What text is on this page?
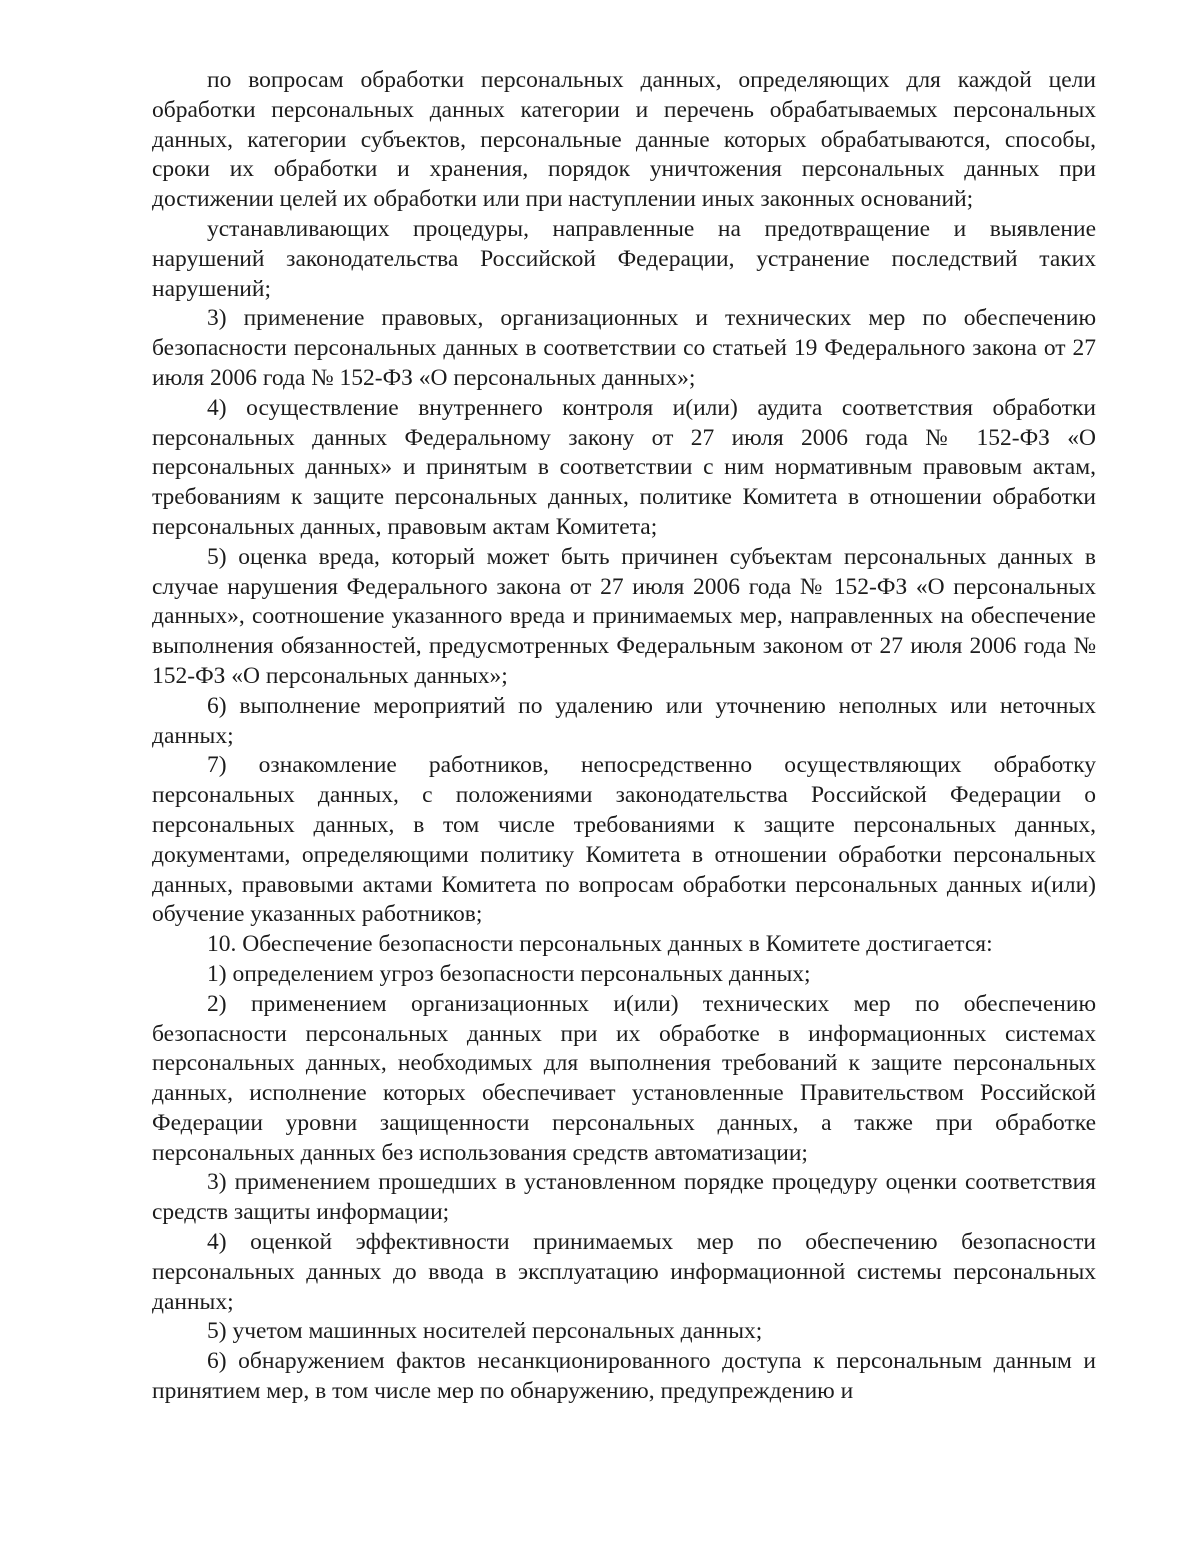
по вопросам обработки персональных данных, определяющих для каждой цели обработки персональных данных категории и перечень обрабатываемых персональных данных, категории субъектов, персональные данные которых обрабатываются, способы, сроки их обработки и хранения, порядок уничтожения персональных данных при достижении целей их обработки или при наступлении иных законных оснований;

устанавливающих процедуры, направленные на предотвращение и выявление нарушений законодательства Российской Федерации, устранение последствий таких нарушений;

3) применение правовых, организационных и технических мер по обеспечению безопасности персональных данных в соответствии со статьей 19 Федерального закона от 27 июля 2006 года № 152-ФЗ «О персональных данных»;

4) осуществление внутреннего контроля и(или) аудита соответствия обработки персональных данных Федеральному закону от 27 июля 2006 года № 152-ФЗ «О персональных данных» и принятым в соответствии с ним нормативным правовым актам, требованиям к защите персональных данных, политике Комитета в отношении обработки персональных данных, правовым актам Комитета;

5) оценка вреда, который может быть причинен субъектам персональных данных в случае нарушения Федерального закона от 27 июля 2006 года № 152-ФЗ «О персональных данных», соотношение указанного вреда и принимаемых мер, направленных на обеспечение выполнения обязанностей, предусмотренных Федеральным законом от 27 июля 2006 года № 152-ФЗ «О персональных данных»;

6) выполнение мероприятий по удалению или уточнению неполных или неточных данных;

7) ознакомление работников, непосредственно осуществляющих обработку персональных данных, с положениями законодательства Российской Федерации о персональных данных, в том числе требованиями к защите персональных данных, документами, определяющими политику Комитета в отношении обработки персональных данных, правовыми актами Комитета по вопросам обработки персональных данных и(или) обучение указанных работников;

10. Обеспечение безопасности персональных данных в Комитете достигается:

1) определением угроз безопасности персональных данных;

2) применением организационных и(или) технических мер по обеспечению безопасности персональных данных при их обработке в информационных системах персональных данных, необходимых для выполнения требований к защите персональных данных, исполнение которых обеспечивает установленные Правительством Российской Федерации уровни защищенности персональных данных, а также при обработке персональных данных без использования средств автоматизации;

3) применением прошедших в установленном порядке процедуру оценки соответствия средств защиты информации;

4) оценкой эффективности принимаемых мер по обеспечению безопасности персональных данных до ввода в эксплуатацию информационной системы персональных данных;

5) учетом машинных носителей персональных данных;

6) обнаружением фактов несанкционированного доступа к персональным данным и принятием мер, в том числе мер по обнаружению, предупреждению и
